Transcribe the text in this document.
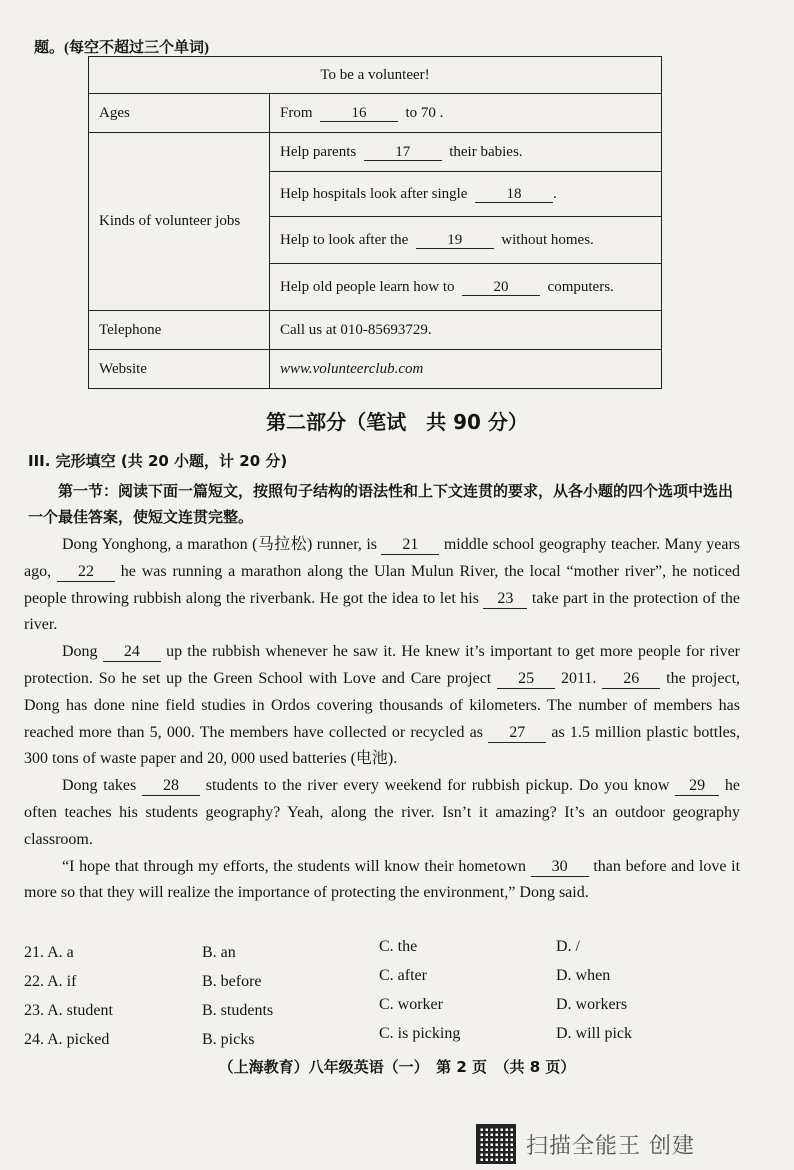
题。(每空不超过三个单词)
To be a volunteer!	
Ages	From 16 to 70 .
Kinds of volunteer jobs	Help parents 17 their babies.
	Help hospitals look after single 18 .
	Help to look after the 19 without homes.
	Help old people learn how to 20 computers.
Telephone	Call us at 010-85693729.
Website	www.volunteerclub.com
第二部分（笔试　共 90 分）
III. 完形填空 (共 20 小题，计 20 分)
第一节：阅读下面一篇短文，按照句子结构的语法性和上下文连贯的要求，从各小题的四个选项中选出一个最佳答案，使短文连贯完整。

Dong Yonghong, a marathon (马拉松) runner, is 21 middle school geography teacher. Many years ago, 22 he was running a marathon along the Ulan Mulun River, the local “mother river”, he noticed people throwing rubbish along the riverbank. He got the idea to let his 23 take part in the protection of the river.

Dong 24 up the rubbish whenever he saw it. He knew it’s important to get more people for river protection. So he set up the Green School with Love and Care project 25 2011. 26 the project, Dong has done nine field studies in Ordos covering thousands of kilometers. The number of members has reached more than 5, 000. The members have collected or recycled as 27 as 1.5 million plastic bottles, 300 tons of waste paper and 20, 000 used batteries (电池).

Dong takes 28 students to the river every weekend for rubbish pickup. Do you know 29 he often teaches his students geography? Yeah, along the river. Isn’t it amazing? It’s an outdoor geography classroom.

“I hope that through my efforts, the students will know their hometown 30 than before and love it more so that they will realize the importance of protecting the environment,” Dong said.

21. A. a	B. an	C. the	D. /
22. A. if	B. before	C. after	D. when
23. A. student	B. students	C. worker	D. workers
24. A. picked	B. picks	C. is picking	D. will pick
（上海教育）八年级英语（一）　第 2 页　（共 8 页）
扫描全能王 创建
